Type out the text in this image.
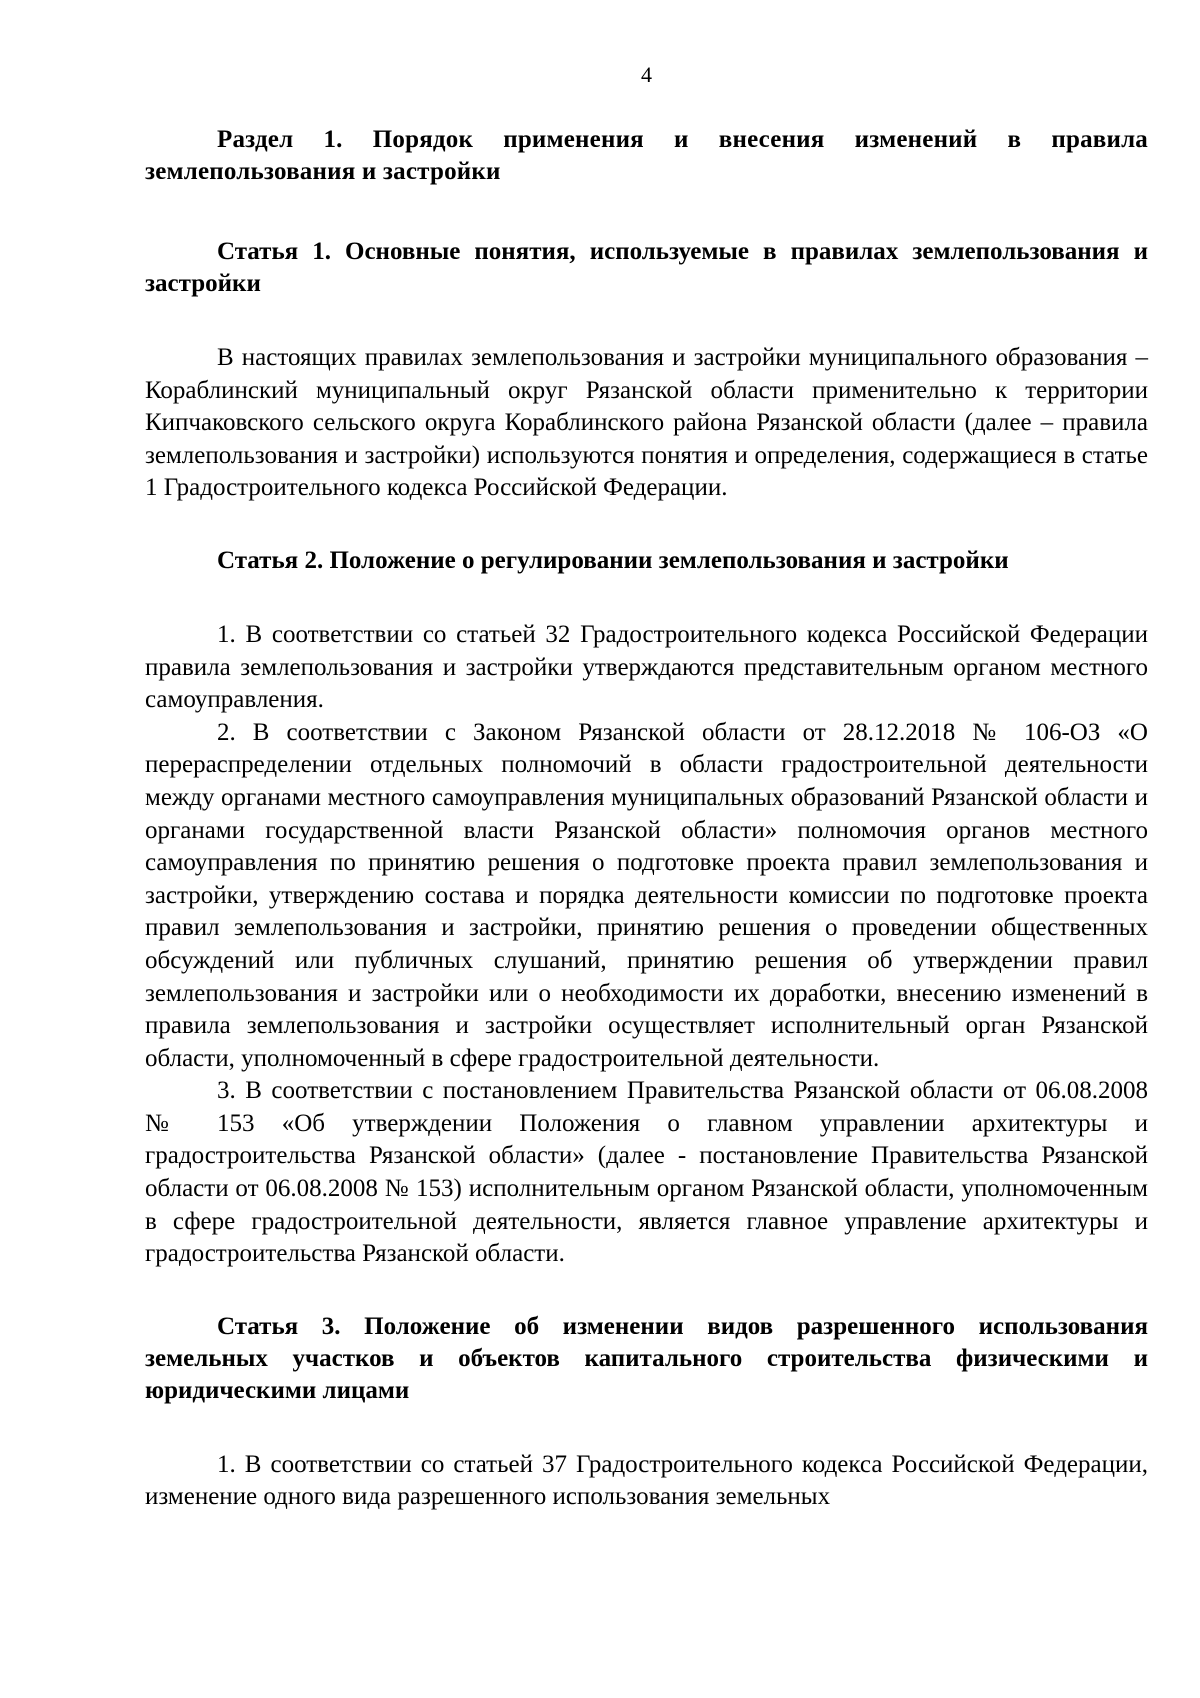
4

Раздел 1. Порядок применения и внесения изменений в правила землепользования и застройки

Статья 1. Основные понятия, используемые в правилах землепользования и застройки

В настоящих правилах землепользования и застройки муниципального образования – Кораблинский муниципальный округ Рязанской области применительно к территории Кипчаковского сельского округа Кораблинского района Рязанской области (далее – правила землепользования и застройки) используются понятия и определения, содержащиеся в статье 1 Градостроительного кодекса Российской Федерации.

Статья 2. Положение о регулировании землепользования и застройки

1. В соответствии со статьей 32 Градостроительного кодекса Российской Федерации правила землепользования и застройки утверждаются представительным органом местного самоуправления.

2. В соответствии с Законом Рязанской области от 28.12.2018 № 106-ОЗ «О перераспределении отдельных полномочий в области градостроительной деятельности между органами местного самоуправления муниципальных образований Рязанской области и органами государственной власти Рязанской области» полномочия органов местного самоуправления по принятию решения о подготовке проекта правил землепользования и застройки, утверждению состава и порядка деятельности комиссии по подготовке проекта правил землепользования и застройки, принятию решения о проведении общественных обсуждений или публичных слушаний, принятию решения об утверждении правил землепользования и застройки или о необходимости их доработки, внесению изменений в правила землепользования и застройки осуществляет исполнительный орган Рязанской области, уполномоченный в сфере градостроительной деятельности.

3. В соответствии с постановлением Правительства Рязанской области от 06.08.2008 № 153 «Об утверждении Положения о главном управлении архитектуры и градостроительства Рязанской области» (далее - постановление Правительства Рязанской области от 06.08.2008 № 153) исполнительным органом Рязанской области, уполномоченным в сфере градостроительной деятельности, является главное управление архитектуры и градостроительства Рязанской области.

Статья 3. Положение об изменении видов разрешенного использования земельных участков и объектов капитального строительства физическими и юридическими лицами

1. В соответствии со статьей 37 Градостроительного кодекса Российской Федерации, изменение одного вида разрешенного использования земельных
